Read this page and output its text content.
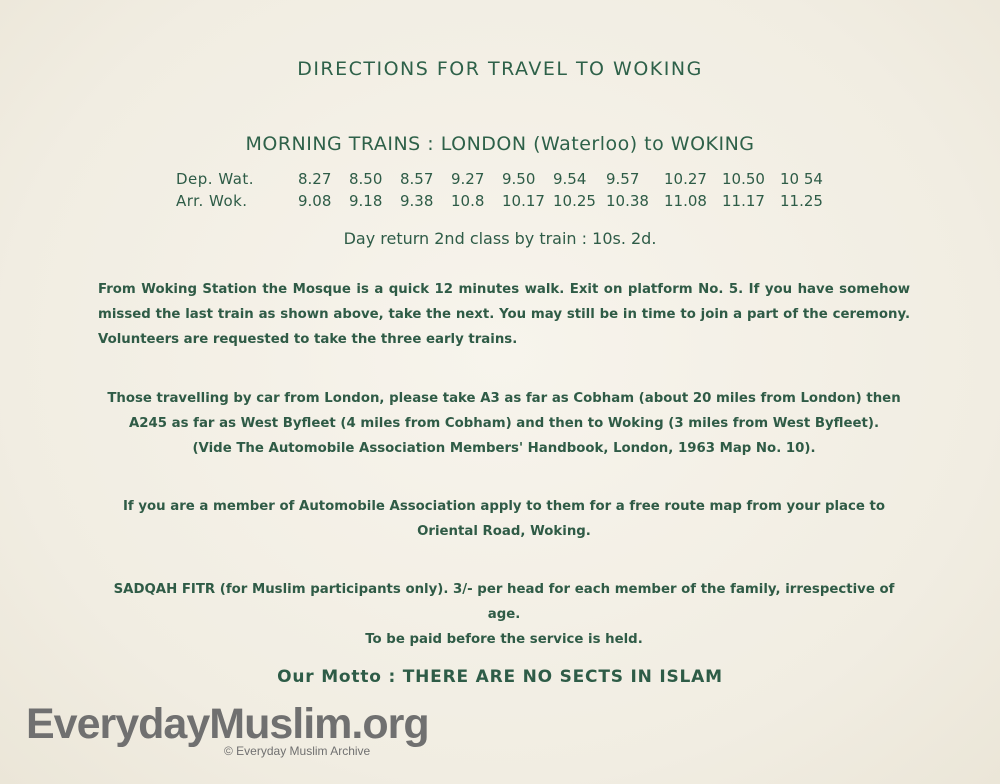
DIRECTIONS FOR TRAVEL TO WOKING
MORNING TRAINS : LONDON (Waterloo) to WOKING
Dep. Wat.	8.27	8.50	8.57	9.27	9.50	9.54	9.57	10.27	10.50	10 54
Arr. Wok.	9.08	9.18	9.38	10.8	10.17 10.25 10.38	11.08	11.17	11.25
Day return 2nd class by train : 10s. 2d.
From Woking Station the Mosque is a quick 12 minutes walk. Exit on platform No. 5. If you have somehow missed the last train as shown above, take the next. You may still be in time to join a part of the ceremony. Volunteers are requested to take the three early trains.
Those travelling by car from London, please take A3 as far as Cobham (about 20 miles from London) then A245 as far as West Byfleet (4 miles from Cobham) and then to Woking (3 miles from West Byfleet).
(Vide The Automobile Association Members' Handbook, London, 1963 Map No. 10).
If you are a member of Automobile Association apply to them for a free route map from your place to Oriental Road, Woking.
SADQAH FITR (for Muslim participants only). 3/- per head for each member of the family, irrespective of age.
To be paid before the service is held.
Our Motto : THERE ARE NO SECTS IN ISLAM
EverydayMuslim.org
© Everyday Muslim Archive
